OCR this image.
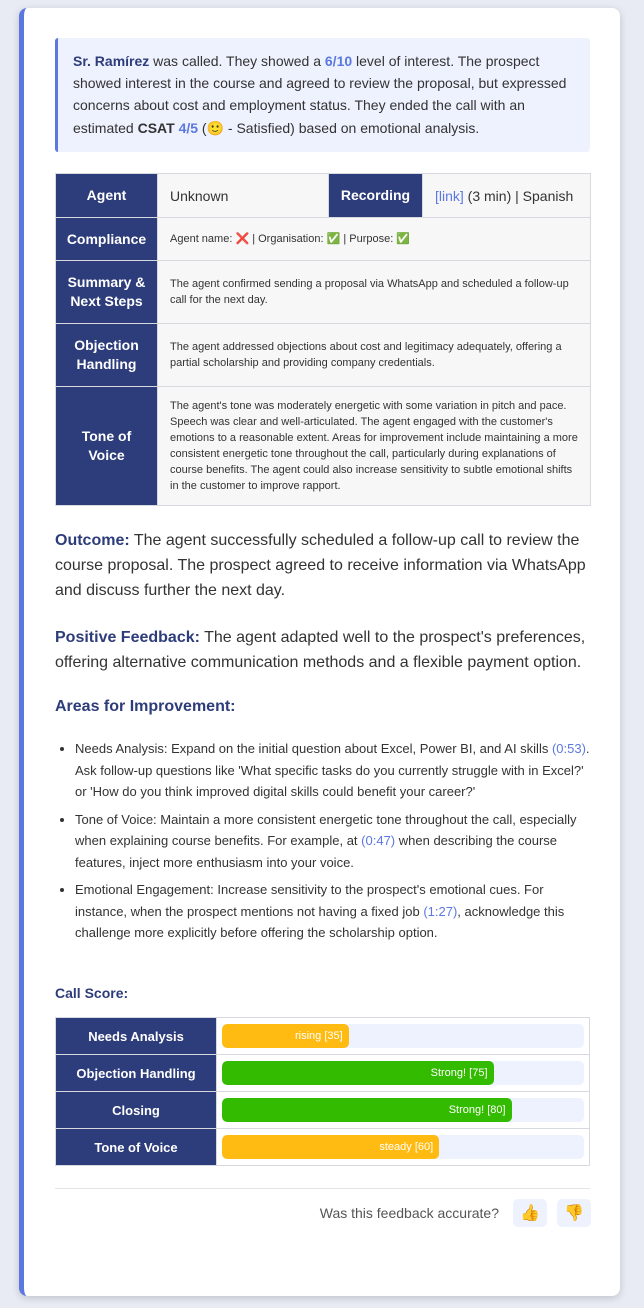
Sr. Ramírez was called. They showed a 6/10 level of interest. The prospect showed interest in the course and agreed to review the proposal, but expressed concerns about cost and employment status. They ended the call with an estimated CSAT 4/5 (🙂 - Satisfied) based on emotional analysis.
Agent	Unknown	Recording	[link] (3 min) | Spanish
Compliance	Agent name: ❌ | Organisation: ✅ | Purpose: ✅		
Summary & Next Steps	The agent confirmed sending a proposal via WhatsApp and scheduled a follow-up call for the next day.		
Objection Handling	The agent addressed objections about cost and legitimacy adequately, offering a partial scholarship and providing company credentials.		
Tone of Voice	The agent's tone was moderately energetic with some variation in pitch and pace. Speech was clear and well-articulated. The agent engaged with the customer's emotions to a reasonable extent. Areas for improvement include maintaining a more consistent energetic tone throughout the call, particularly during explanations of course benefits. The agent could also increase sensitivity to subtle emotional shifts in the customer to improve rapport.		
Outcome: The agent successfully scheduled a follow-up call to review the course proposal. The prospect agreed to receive information via WhatsApp and discuss further the next day.
Positive Feedback: The agent adapted well to the prospect's preferences, offering alternative communication methods and a flexible payment option.
Areas for Improvement:
• Needs Analysis: Expand on the initial question about Excel, Power BI, and AI skills (0:53). Ask follow-up questions like 'What specific tasks do you currently struggle with in Excel?' or 'How do you think improved digital skills could benefit your career?'
• Tone of Voice: Maintain a more consistent energetic tone throughout the call, especially when explaining course benefits. For example, at (0:47) when describing the course features, inject more enthusiasm into your voice.
• Emotional Engagement: Increase sensitivity to the prospect's emotional cues. For instance, when the prospect mentions not having a fixed job (1:27), acknowledge this challenge more explicitly before offering the scholarship option.
Call Score:
Needs Analysis	rising [35]

Objection Handling	Strong! [75]

Closing	Strong! [80]

Tone of Voice	steady [60]
Was this feedback accurate? 👍 👎
